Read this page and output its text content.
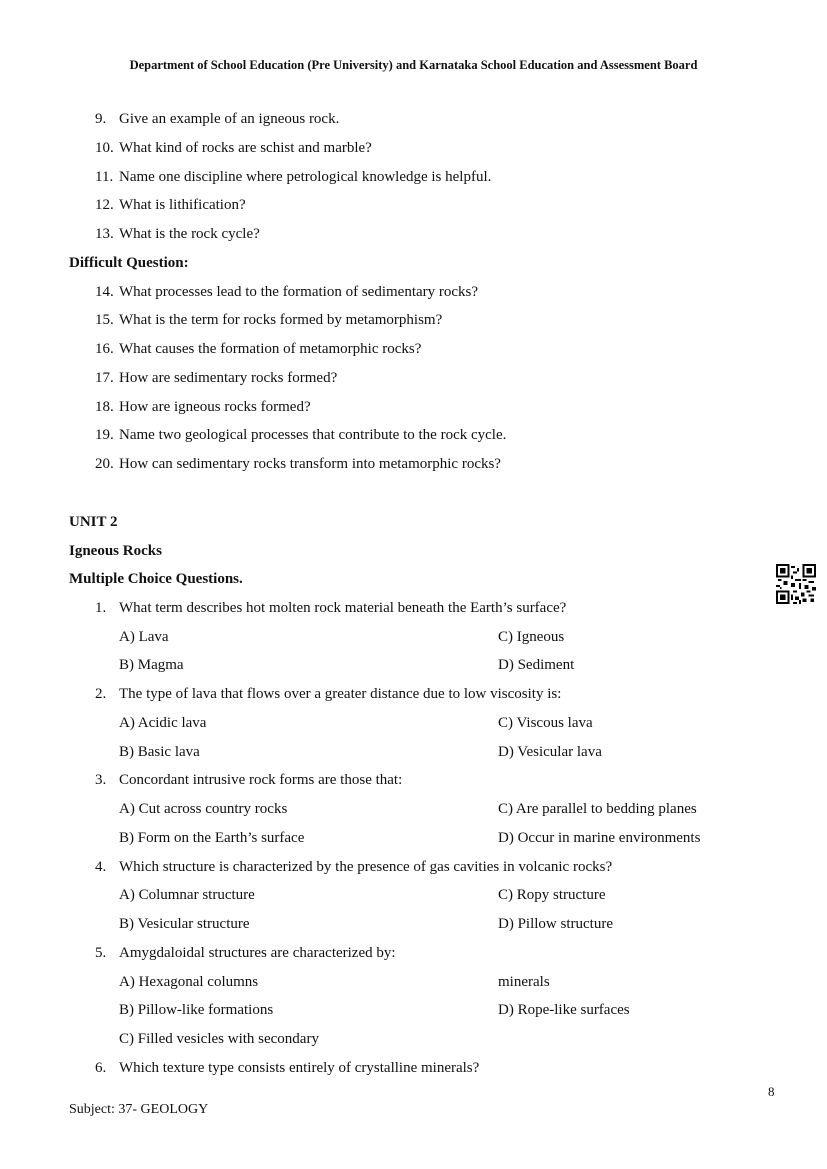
Department of School Education (Pre University) and Karnataka School Education and Assessment Board
9. Give an example of an igneous rock.
10. What kind of rocks are schist and marble?
11. Name one discipline where petrological knowledge is helpful.
12. What is lithification?
13. What is the rock cycle?
Difficult Question:
14. What processes lead to the formation of sedimentary rocks?
15. What is the term for rocks formed by metamorphism?
16. What causes the formation of metamorphic rocks?
17. How are sedimentary rocks formed?
18. How are igneous rocks formed?
19. Name two geological processes that contribute to the rock cycle.
20. How can sedimentary rocks transform into metamorphic rocks?
UNIT 2
Igneous Rocks
Multiple Choice Questions.
1. What term describes hot molten rock material beneath the Earth’s surface?
A) Lava	C) Igneous
B) Magma	D) Sediment
2. The type of lava that flows over a greater distance due to low viscosity is:
A) Acidic lava	C) Viscous lava
B) Basic lava	D) Vesicular lava
3. Concordant intrusive rock forms are those that:
A) Cut across country rocks	C) Are parallel to bedding planes
B) Form on the Earth’s surface	D) Occur in marine environments
4. Which structure is characterized by the presence of gas cavities in volcanic rocks?
A) Columnar structure	C) Ropy structure
B) Vesicular structure	D) Pillow structure
5. Amygdaloidal structures are characterized by:
A) Hexagonal columns	minerals
B) Pillow-like formations	D) Rope-like surfaces
C) Filled vesicles with secondary
6. Which texture type consists entirely of crystalline minerals?
8
Subject: 37- GEOLOGY
